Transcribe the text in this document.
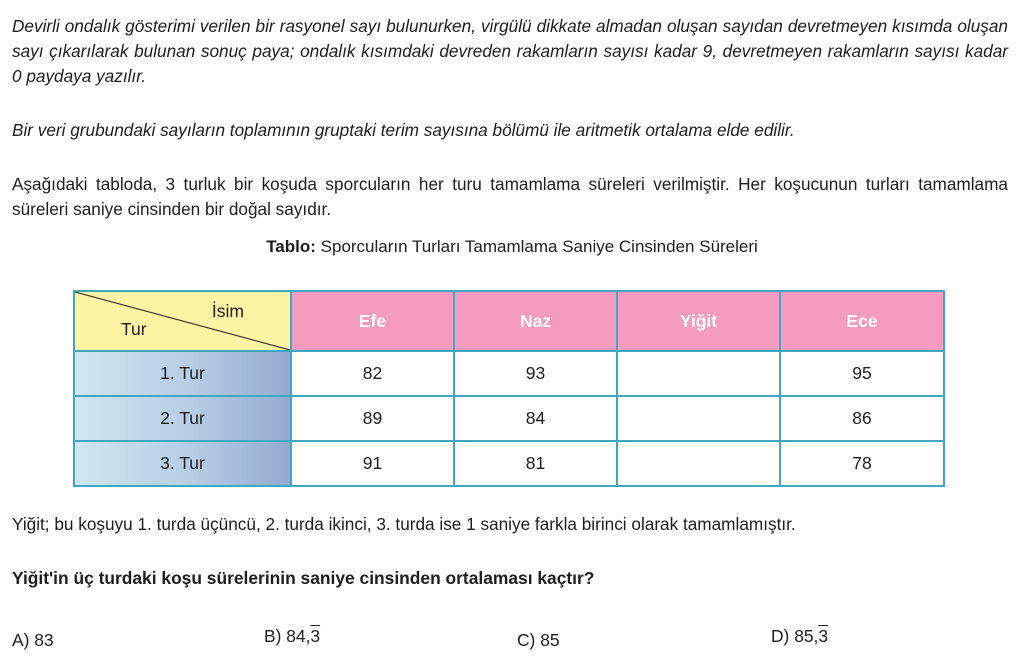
Devirli ondalık gösterimi verilen bir rasyonel sayı bulunurken, virgülü dikkate almadan oluşan sayıdan devretmeyen kısımda oluşan sayı çıkarılarak bulunan sonuç paya; ondalık kısımdaki devreden rakamların sayısı kadar 9, devretmeyen rakamların sayısı kadar 0 paydaya yazılır.

Bir veri grubundaki sayıların toplamının gruptaki terim sayısına bölümü ile aritmetik ortalama elde edilir.

Aşağıdaki tabloda, 3 turluk bir koşuda sporcuların her turu tamamlama süreleri verilmiştir. Her koşucunun turları tamamlama süreleri saniye cinsinden bir doğal sayıdır.

Tablo: Sporcuların Turları Tamamlama Saniye Cinsinden Süreleri
İsim
Tur	Efe	Naz	Yiğit	Ece
1. Tur	82	93		95
2. Tur	89	84		86
3. Tur	91	81		78

Yiğit; bu koşuyu 1. turda üçüncü, 2. turda ikinci, 3. turda ise 1 saniye farkla birinci olarak tamamlamıştır.

Yiğit'in üç turdaki koşu sürelerinin saniye cinsinden ortalaması kaçtır?

A) 83	B) 84,3	C) 85	D) 85,3
